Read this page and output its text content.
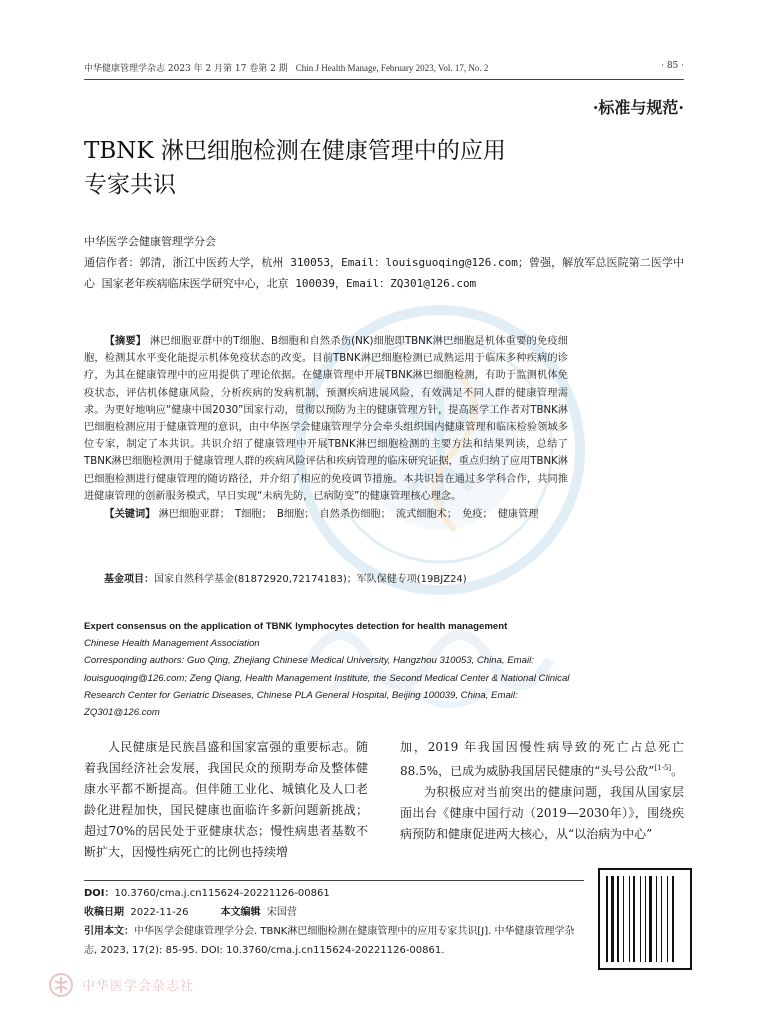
中华健康管理学杂志 2023 年 2 月第 17 卷第 2 期 Chin J Health Manage, February 2023, Vol. 17, No. 2	· 85 ·
·标准与规范·
TBNK 淋巴细胞检测在健康管理中的应用
专家共识
中华医学会健康管理学分会
通信作者：郭清，浙江中医药大学，杭州 310053，Email：louisguoqing@126.com；曾强，解放军总医院第二医学中心 国家老年疾病临床医学研究中心，北京 100039，Email：ZQ301@126.com
【摘要】 淋巴细胞亚群中的T细胞、B细胞和自然杀伤(NK)细胞即TBNK淋巴细胞是机体重要的免疫细胞，检测其水平变化能提示机体免疫状态的改变。目前TBNK淋巴细胞检测已成熟运用于临床多种疾病的诊疗，为其在健康管理中的应用提供了理论依据。在健康管理中开展TBNK淋巴细胞检测，有助于监测机体免疫状态，评估机体健康风险，分析疾病的发病机制，预测疾病进展风险，有效满足不同人群的健康管理需求。为更好地响应“健康中国2030”国家行动，贯彻以预防为主的健康管理方针，提高医学工作者对TBNK淋巴细胞检测应用于健康管理的意识，由中华医学会健康管理学分会牵头组织国内健康管理和临床检验领域多位专家，制定了本共识。共识介绍了健康管理中开展TBNK淋巴细胞检测的主要方法和结果判读，总结了TBNK淋巴细胞检测用于健康管理人群的疾病风险评估和疾病管理的临床研究证据，重点归纳了应用TBNK淋巴细胞检测进行健康管理的随访路径，并介绍了相应的免疫调节措施。本共识旨在通过多学科合作，共同推进健康管理的创新服务模式，早日实现“未病先防，已病防变”的健康管理核心理念。
【关键词】 淋巴细胞亚群；　T细胞；　B细胞；　自然杀伤细胞；　流式细胞术；　免疫；　健康管理
基金项目：国家自然科学基金(81872920,72174183)；军队保健专项(19BJZ24)
Expert consensus on the application of TBNK lymphocytes detection for health management
Chinese Health Management Association
Corresponding authors: Guo Qing, Zhejiang Chinese Medical University, Hangzhou 310053, China, Email: louisguoqing@126.com; Zeng Qiang, Health Management Institute, the Second Medical Center & National Clinical Research Center for Geriatric Diseases, Chinese PLA General Hospital, Beijing 100039, China, Email: ZQ301@126.com

人民健康是民族昌盛和国家富强的重要标志。随着我国经济社会发展，我国民众的预期寿命及整体健康水平都不断提高。但伴随工业化、城镇化及人口老龄化进程加快，国民健康也面临许多新问题新挑战；超过70%的居民处于亚健康状态；慢性病患者基数不断扩大，因慢性病死亡的比例也持续增

加，2019 年我国因慢性病导致的死亡占总死亡88.5%，已成为威胁我国居民健康的“头号公敌”[1-5]。

为积极应对当前突出的健康问题，我国从国家层面出台《健康中国行动（2019—2030年）》，围绕疾病预防和健康促进两大核心，从“以治病为中心”

DOI：10.3760/cma.j.cn115624-20221126-00861
收稿日期 2022-11-26	本文编辑 宋国营
引用本文：中华医学会健康管理学分会. TBNK淋巴细胞检测在健康管理中的应用专家共识[J]. 中华健康管理学杂志, 2023, 17(2): 85-95. DOI: 10.3760/cma.j.cn115624-20221126-00861.
中华医学会杂志社
